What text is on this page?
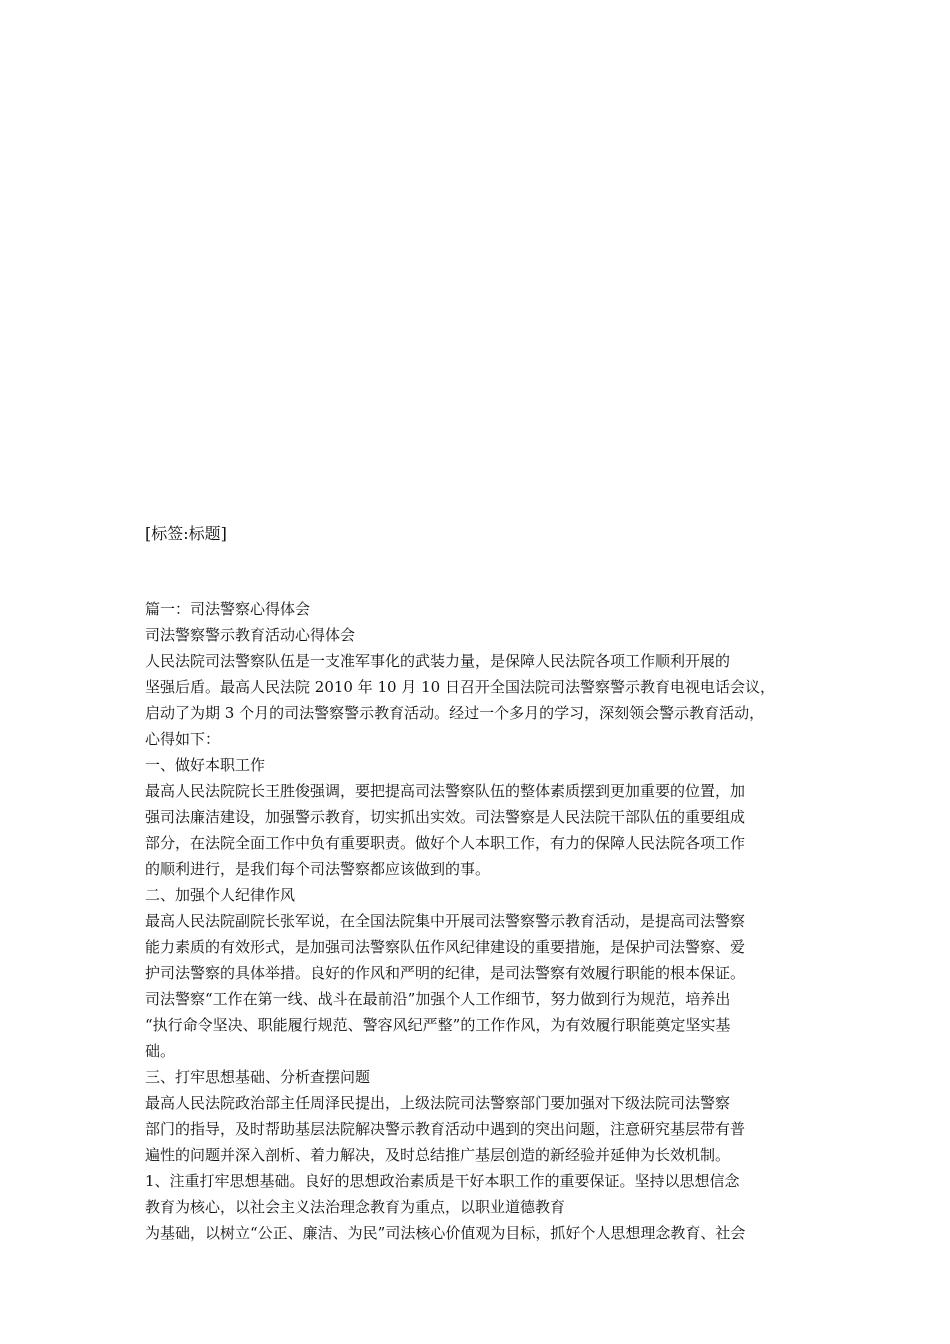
[标签:标题]
篇一：司法警察心得体会
司法警察警示教育活动心得体会
人民法院司法警察队伍是一支准军事化的武装力量，是保障人民法院各项工作顺利开展的
坚强后盾。最高人民法院 2010 年 10 月 10 日召开全国法院司法警察警示教育电视电话会议，
启动了为期 3 个月的司法警察警示教育活动。经过一个多月的学习，深刻领会警示教育活动，
心得如下：
一、做好本职工作
最高人民法院院长王胜俊强调，要把提高司法警察队伍的整体素质摆到更加重要的位置，加
强司法廉洁建设，加强警示教育，切实抓出实效。司法警察是人民法院干部队伍的重要组成
部分，在法院全面工作中负有重要职责。做好个人本职工作，有力的保障人民法院各项工作
的顺利进行，是我们每个司法警察都应该做到的事。
二、加强个人纪律作风
最高人民法院副院长张军说，在全国法院集中开展司法警察警示教育活动，是提高司法警察
能力素质的有效形式，是加强司法警察队伍作风纪律建设的重要措施，是保护司法警察、爱
护司法警察的具体举措。良好的作风和严明的纪律，是司法警察有效履行职能的根本保证。
司法警察“工作在第一线、战斗在最前沿”加强个人工作细节，努力做到行为规范，培养出
“执行命令坚决、职能履行规范、警容风纪严整”的工作作风，为有效履行职能奠定坚实基
础。
三、打牢思想基础、分析查摆问题
最高人民法院政治部主任周泽民提出，上级法院司法警察部门要加强对下级法院司法警察
部门的指导，及时帮助基层法院解决警示教育活动中遇到的突出问题，注意研究基层带有普
遍性的问题并深入剖析、着力解决，及时总结推广基层创造的新经验并延伸为长效机制。
1、注重打牢思想基础。良好的思想政治素质是干好本职工作的重要保证。坚持以思想信念
教育为核心，以社会主义法治理念教育为重点，以职业道德教育
为基础，以树立“公正、廉洁、为民”司法核心价值观为目标，抓好个人思想理念教育、社会
